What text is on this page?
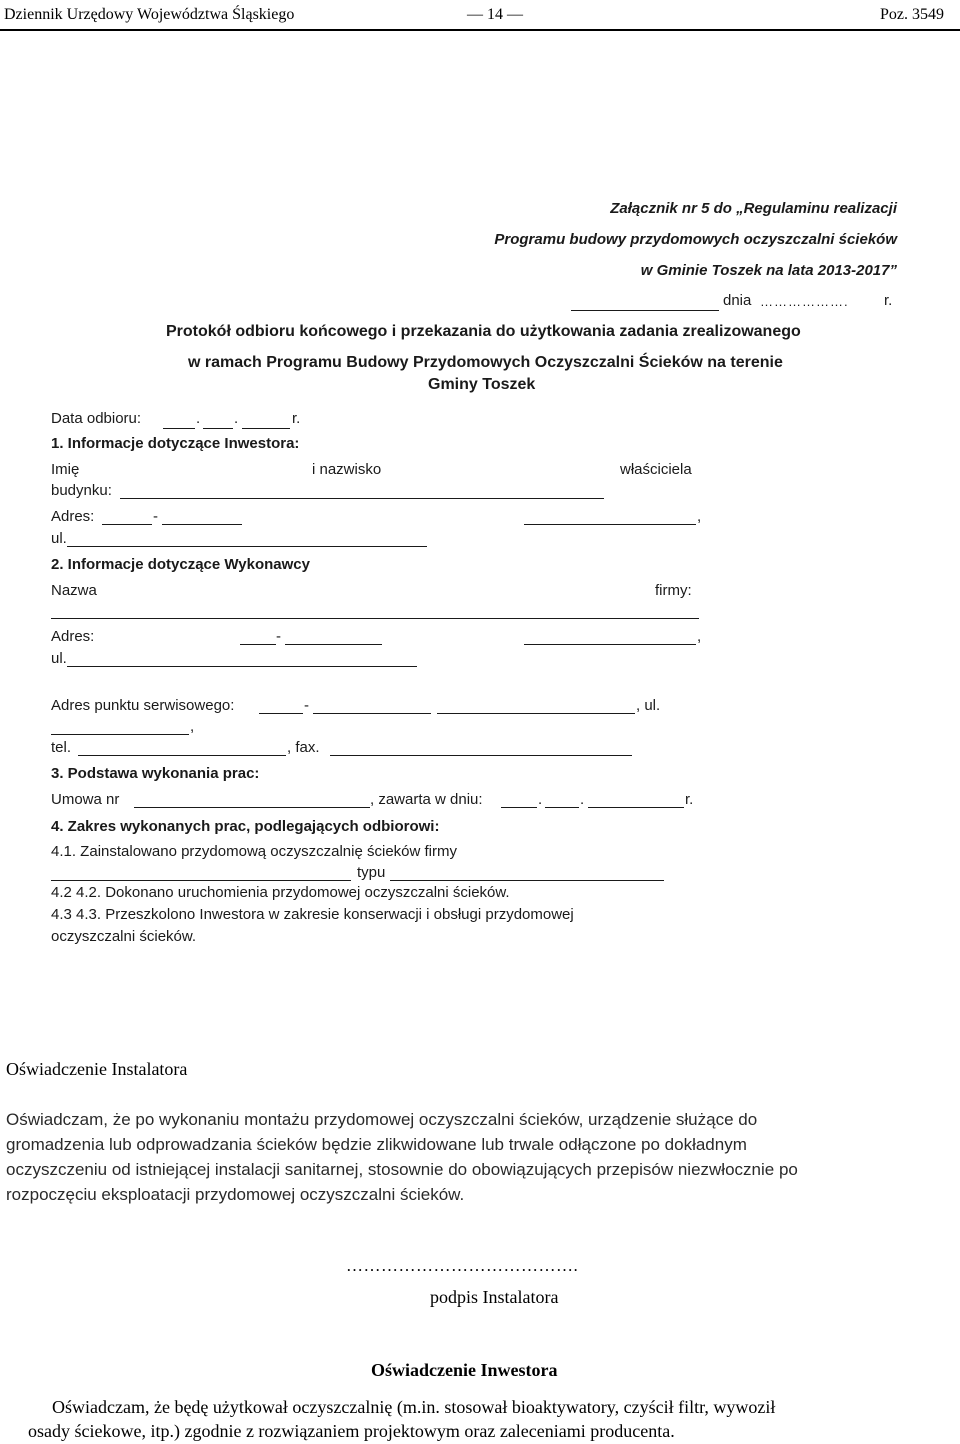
Dziennik Urzędowy Województwa Śląskiego	— 14 —	Poz. 3549
Załącznik nr 5 do „Regulaminu realizacji
Programu budowy przydomowych oczyszczalni ścieków
w Gminie Toszek na lata 2013-2017”
dnia ………………. r.
Protokół odbioru końcowego i przekazania do użytkowania zadania zrealizowanego
w ramach Programu Budowy Przydomowych Oczyszczalni Ścieków na terenie
Gminy Toszek
Data odbioru:	. .	r.
1. Informacje dotyczące Inwestora:
Imię	i nazwisko	właściciela
budynku:
Adres:	-	,
ul.
2. Informacje dotyczące Wykonawcy
Nazwa	firmy:
Adres:	-	,
ul.
Adres punktu serwisowego:	-	, ul.
,
tel.	, fax.
3. Podstawa wykonania prac:
Umowa nr	, zawarta w dniu:	.	.	r.
4. Zakres wykonanych prac, podlegających odbiorowi:
4.1. Zainstalowano przydomową oczyszczalnię ścieków firmy
typu
4.2 4.2. Dokonano uruchomienia przydomowej oczyszczalni ścieków.
4.3 4.3. Przeszkolono Inwestora w zakresie konserwacji i obsługi przydomowej
oczyszczalni ścieków.
Oświadczenie Instalatora
Oświadczam, że po wykonaniu montażu przydomowej oczyszczalni ścieków, urządzenie służące do
gromadzenia lub odprowadzania ścieków będzie zlikwidowane lub trwale odłączone po dokładnym
oczyszczeniu od istniejącej instalacji sanitarnej, stosownie do obowiązujących przepisów niezwłocznie po
rozpoczęciu eksploatacji przydomowej oczyszczalni ścieków.
………………………………….
podpis Instalatora
Oświadczenie Inwestora
Oświadczam, że będę użytkował oczyszczalnię (m.in. stosował bioaktywatory, czyścił filtr, wywoził
osady ściekowe, itp.) zgodnie z rozwiązaniem projektowym oraz zaleceniami producenta.
